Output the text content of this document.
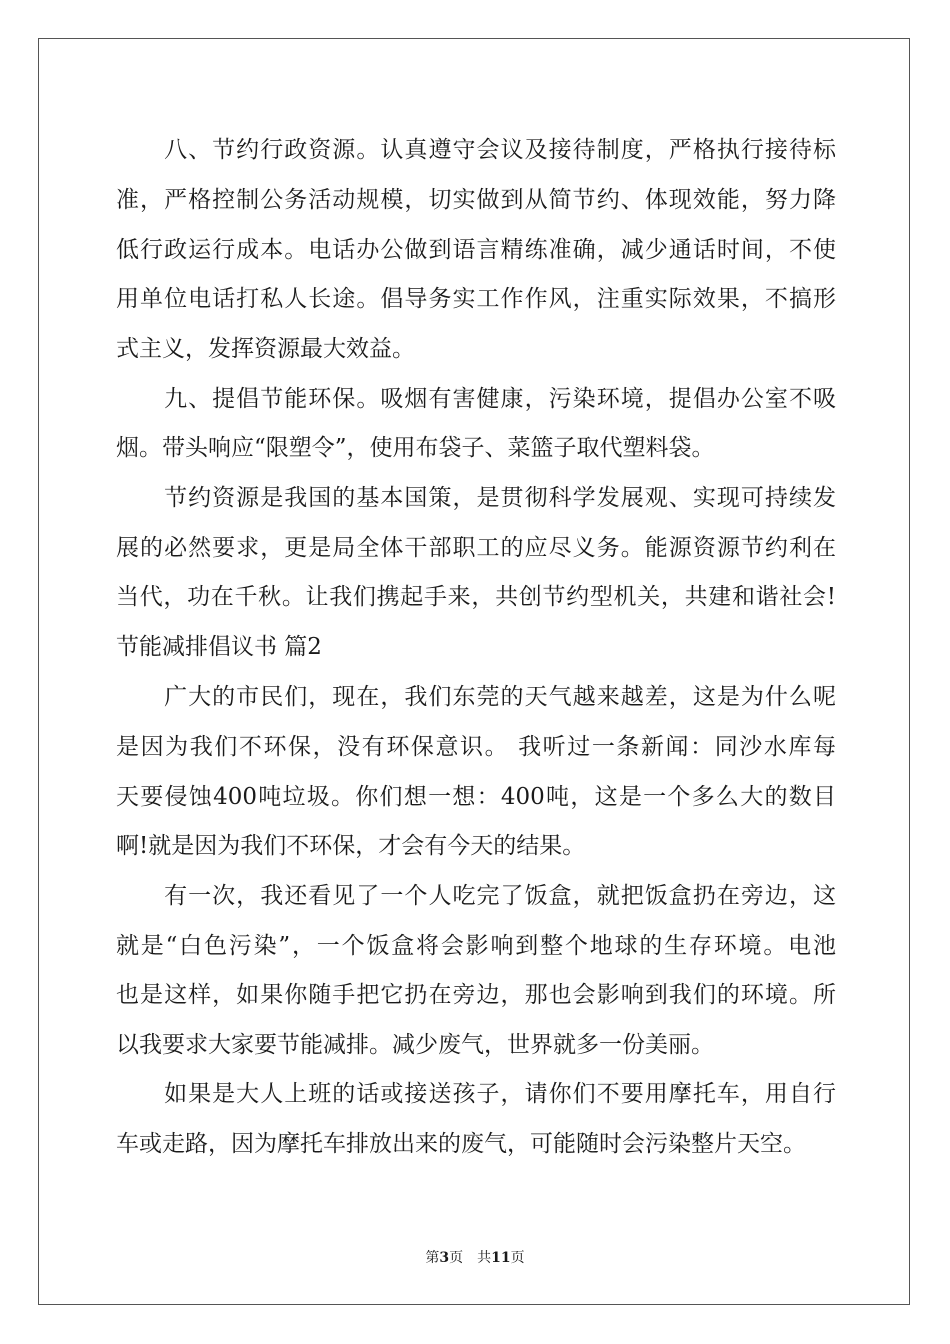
　　八、节约行政资源。认真遵守会议及接待制度，严格执行接待标
准，严格控制公务活动规模，切实做到从简节约、体现效能，努力降
低行政运行成本。电话办公做到语言精练准确，减少通话时间，不使
用单位电话打私人长途。倡导务实工作作风，注重实际效果，不搞形
式主义，发挥资源最大效益。
　　九、提倡节能环保。吸烟有害健康，污染环境，提倡办公室不吸
烟。带头响应“限塑令”，使用布袋子、菜篮子取代塑料袋。
　　节约资源是我国的基本国策，是贯彻科学发展观、实现可持续发
展的必然要求，更是局全体干部职工的应尽义务。能源资源节约利在
当代，功在千秋。让我们携起手来，共创节约型机关，共建和谐社会!
节能减排倡议书 篇2
　　广大的市民们，现在，我们东莞的天气越来越差，这是为什么呢
是因为我们不环保，没有环保意识。 我听过一条新闻：同沙水库每
天要侵蚀400吨垃圾。你们想一想：400吨，这是一个多么大的数目
啊!就是因为我们不环保，才会有今天的结果。
　　有一次，我还看见了一个人吃完了饭盒，就把饭盒扔在旁边，这
就是“白色污染”，一个饭盒将会影响到整个地球的生存环境。电池
也是这样，如果你随手把它扔在旁边，那也会影响到我们的环境。所
以我要求大家要节能减排。减少废气，世界就多一份美丽。
　　如果是大人上班的话或接送孩子，请你们不要用摩托车，用自行
车或走路，因为摩托车排放出来的废气，可能随时会污染整片天空。
第3页　共11页
